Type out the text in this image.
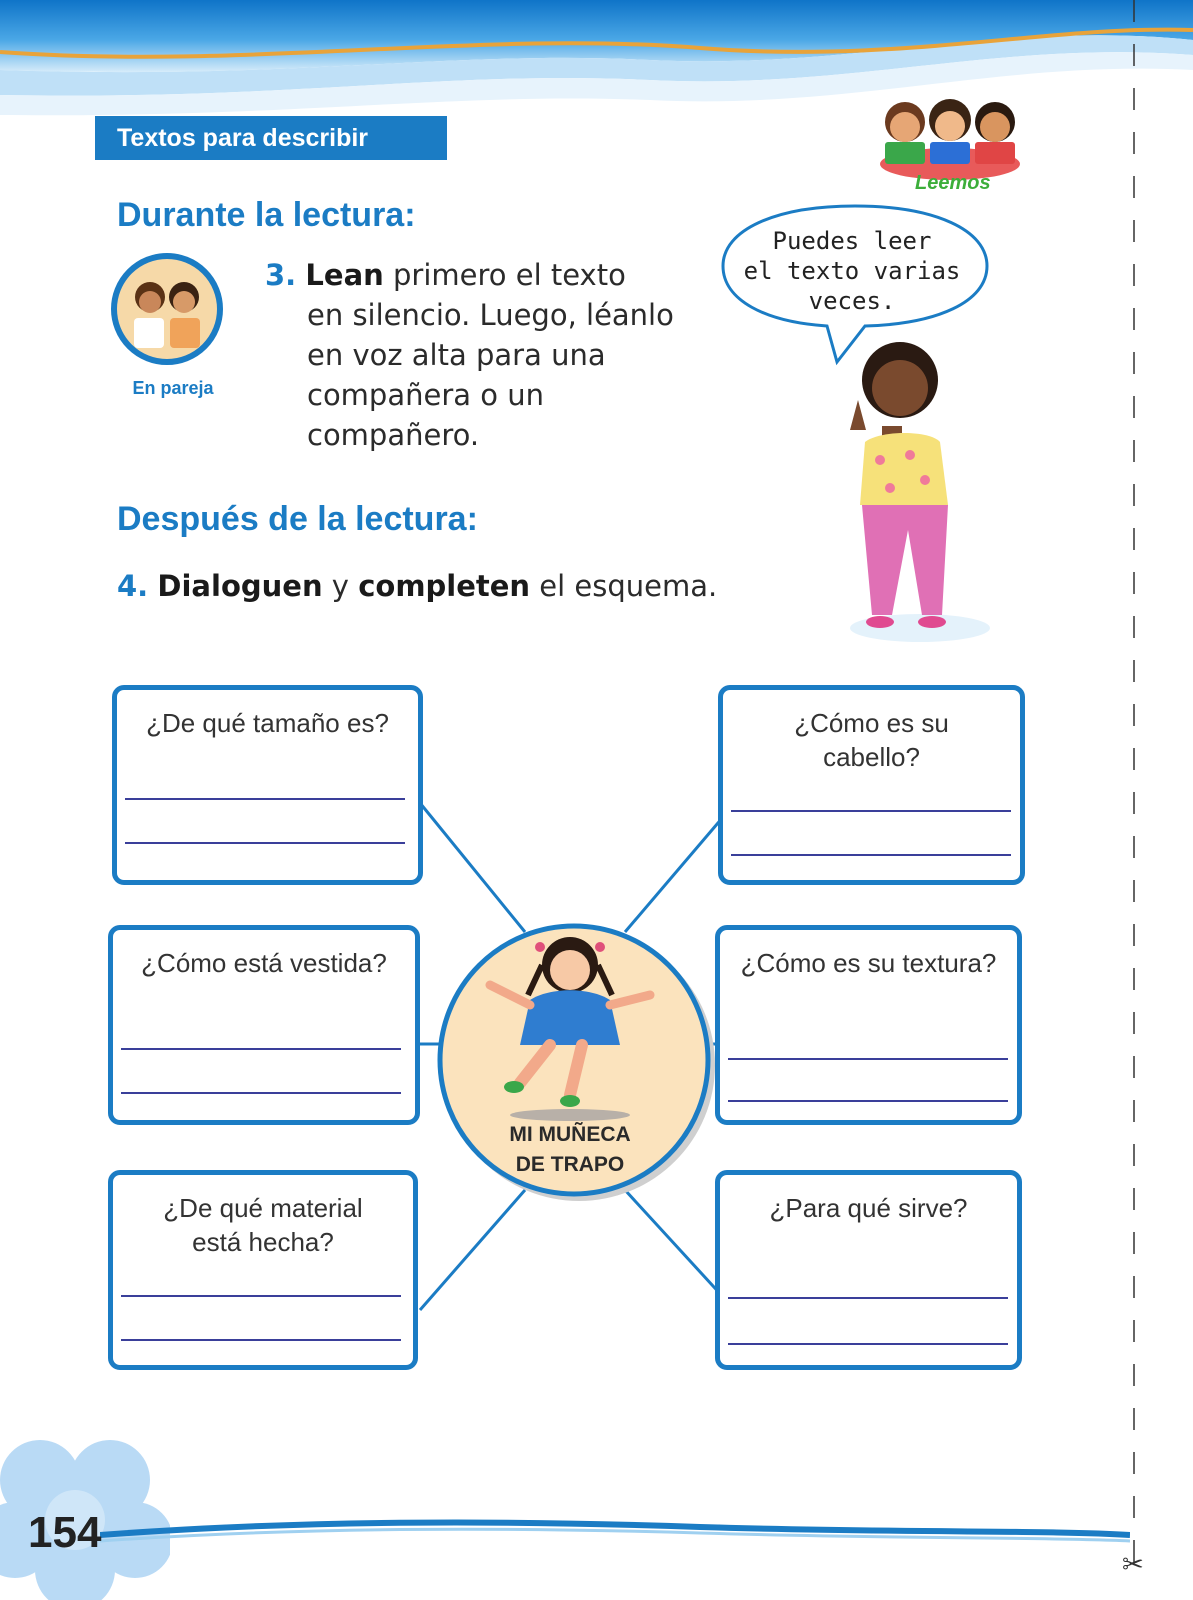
✂
Textos para describir
Leemos
Durante la lectura:
En pareja
3. Lean primero el texto
en silencio. Luego, léanlo
en voz alta para una
compañera o un
compañero.
Puedes leer
el texto varias
veces.
Después de la lectura:
4. Dialoguen y completen el esquema.
MI MUÑECA
DE TRAPO
¿De qué tamaño es?	¿Cómo es su
cabello?
¿Cómo está vestida?	¿Cómo es su textura?
¿De qué material
está hecha?
¿Para qué sirve?
154
